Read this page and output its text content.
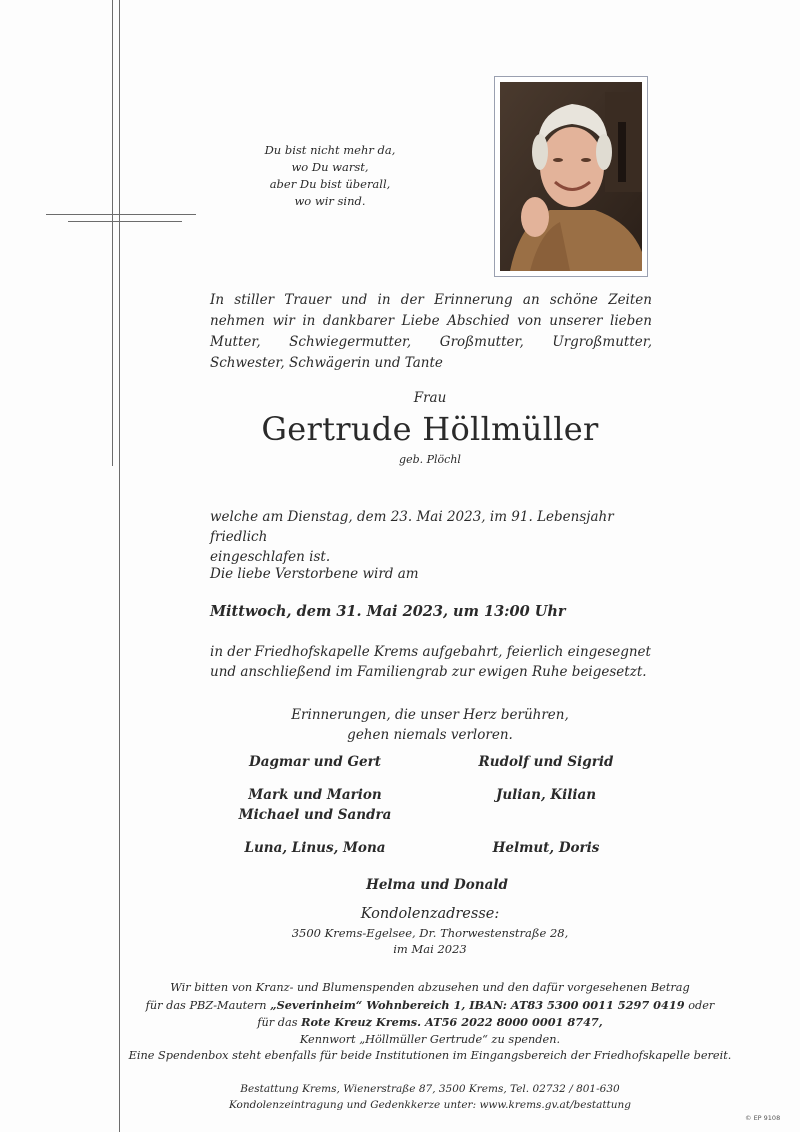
Du bist nicht mehr da,
wo Du warst,
aber Du bist überall,
wo wir sind.
In stiller Trauer und in der Erinnerung an schöne Zeiten nehmen wir in dankbarer Liebe Abschied von unserer lieben Mutter, Schwiegermutter, Großmutter, Urgroßmutter, Schwester, Schwägerin und Tante
Frau
Gertrude Höllmüller
geb. Plöchl
welche am Dienstag, dem 23. Mai 2023, im 91. Lebensjahr friedlich
eingeschlafen ist.
Die liebe Verstorbene wird am
Mittwoch, dem 31. Mai 2023, um 13:00 Uhr
in der Friedhofskapelle Krems aufgebahrt, feierlich eingesegnet
und anschließend im Familiengrab zur ewigen Ruhe beigesetzt.
Erinnerungen, die unser Herz berühren,
gehen niemals verloren.
Dagmar und Gert	Rudolf und Sigrid
Mark und Marion
Michael und Sandra
Julian, Kilian
Luna, Linus, Mona	Helmut, Doris
Helma und Donald
Kondolenzadresse:
3500 Krems-Egelsee, Dr. Thorwestenstraße 28,
im Mai 2023
Wir bitten von Kranz- und Blumenspenden abzusehen und den dafür vorgesehenen Betrag
für das PBZ-Mautern „Severinheim“ Wohnbereich 1, IBAN: AT83 5300 0011 5297 0419 oder
für das Rote Kreuz Krems. AT56 2022 8000 0001 8747,
Kennwort „Höllmüller Gertrude“ zu spenden.
Eine Spendenbox steht ebenfalls für beide Institutionen im Eingangsbereich der Friedhofskapelle bereit.
Bestattung Krems, Wienerstraße 87, 3500 Krems, Tel. 02732 / 801-630
Kondolenzeintragung und Gedenkkerze unter: www.krems.gv.at/bestattung
© EP 9108
